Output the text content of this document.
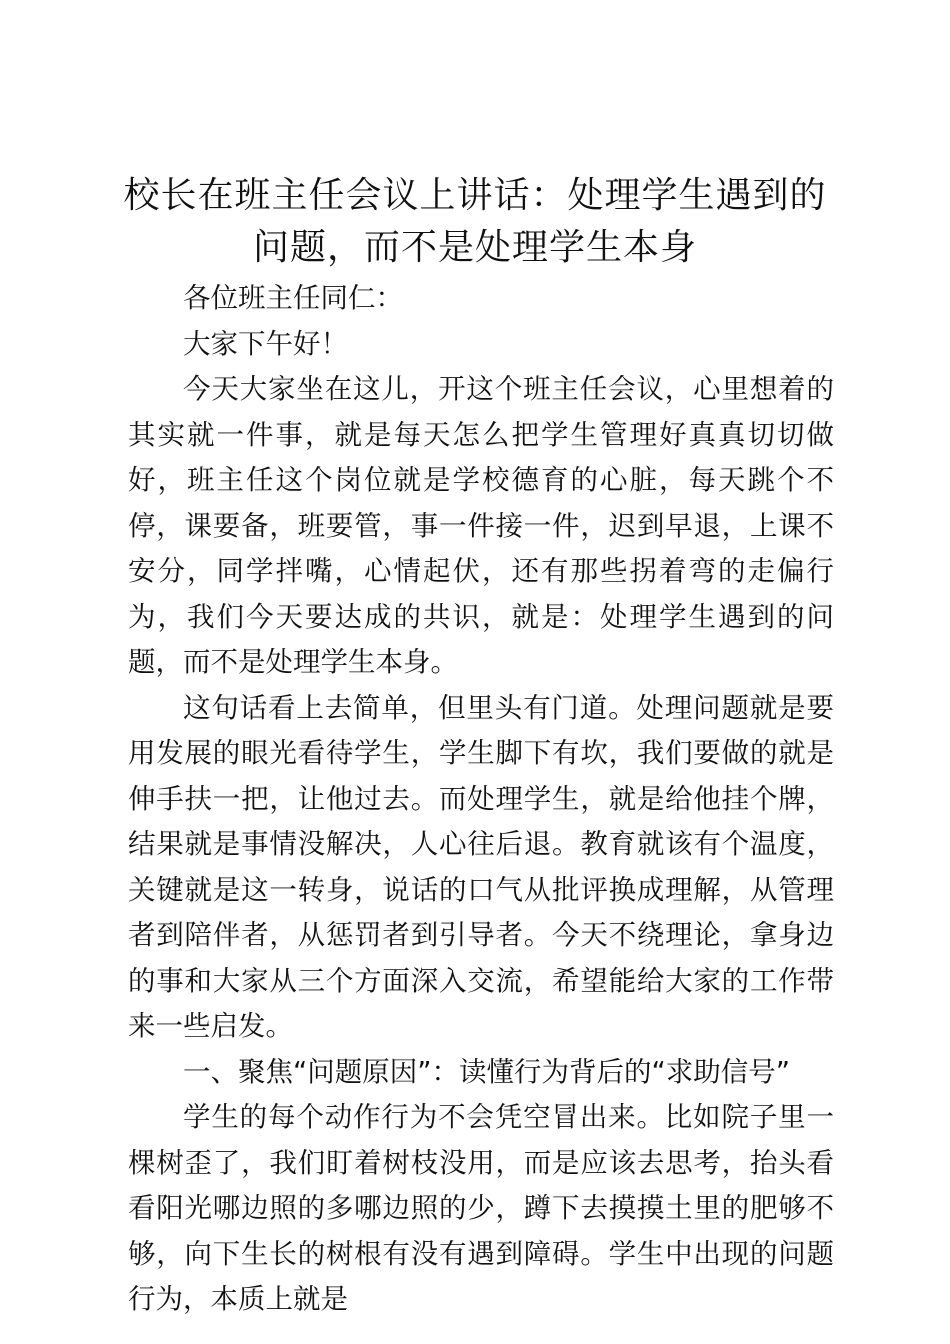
校长在班主任会议上讲话：处理学生遇到的问题，而不是处理学生本身

各位班主任同仁：

大家下午好！

今天大家坐在这儿，开这个班主任会议，心里想着的其实就一件事，就是每天怎么把学生管理好真真切切做好，班主任这个岗位就是学校德育的心脏，每天跳个不停，课要备，班要管，事一件接一件，迟到早退，上课不安分，同学拌嘴，心情起伏，还有那些拐着弯的走偏行为，我们今天要达成的共识，就是：处理学生遇到的问题，而不是处理学生本身。

这句话看上去简单，但里头有门道。处理问题就是要用发展的眼光看待学生，学生脚下有坎，我们要做的就是伸手扶一把，让他过去。而处理学生，就是给他挂个牌，结果就是事情没解决，人心往后退。教育就该有个温度，关键就是这一转身，说话的口气从批评换成理解，从管理者到陪伴者，从惩罚者到引导者。今天不绕理论，拿身边的事和大家从三个方面深入交流，希望能给大家的工作带来一些启发。

一、聚焦“问题原因”：读懂行为背后的“求助信号”

学生的每个动作行为不会凭空冒出来。比如院子里一棵树歪了，我们盯着树枝没用，而是应该去思考，抬头看看阳光哪边照的多哪边照的少，蹲下去摸摸土里的肥够不够，向下生长的树根有没有遇到障碍。学生中出现的问题行为，本质上就是
